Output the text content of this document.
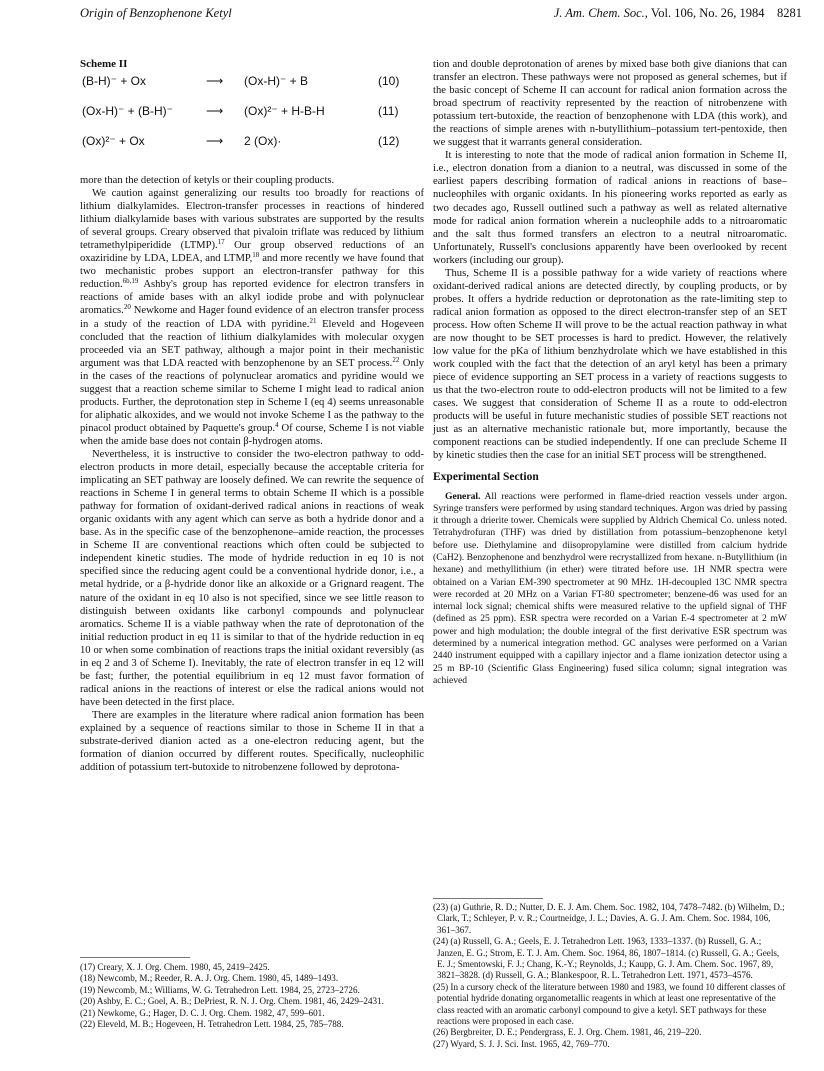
Origin of Benzophenone Ketyl	J. Am. Chem. Soc., Vol. 106, No. 26, 1984 8281
Scheme II
(B-H)⁻ + Ox	⟶ (Ox-H)⁻ + B	(10)
(Ox-H)⁻ + (B-H)⁻	⟶ (Ox)²⁻ + H-B-H	(11)
(Ox)²⁻ + Ox	⟶ 2 (Ox)·	(12)

more than the detection of ketyls or their coupling products.

We caution against generalizing our results too broadly for reactions of lithium dialkylamides. Electron-transfer processes in reactions of hindered lithium dialkylamide bases with various substrates are supported by the results of several groups. Creary observed that pivaloin triflate was reduced by lithium tetramethylpiperidide (LTMP).$^{17}$ Our group observed reductions of an oxaziridine by LDA, LDEA, and LTMP,$^{18}$ and more recently we have found that two mechanistic probes support an electron-transfer pathway for this reduction.$^{6b,19}$ Ashby's group has reported evidence for electron transfers in reactions of amide bases with an alkyl iodide probe and with polynuclear aromatics.$^{20}$ Newkome and Hager found evidence of an electron transfer process in a study of the reaction of LDA with pyridine.$^{21}$ Eleveld and Hogeveen concluded that the reaction of lithium dialkylamides with molecular oxygen proceeded via an SET pathway, although a major point in their mechanistic argument was that LDA reacted with benzophenone by an SET process.$^{22}$ Only in the cases of the reactions of polynuclear aromatics and pyridine would we suggest that a reaction scheme similar to Scheme I might lead to radical anion products. Further, the deprotonation step in Scheme I (eq 4) seems unreasonable for aliphatic alkoxides, and we would not invoke Scheme I as the pathway to the pinacol product obtained by Paquette's group.$^4$ Of course, Scheme I is not viable when the amide base does not contain β-hydrogen atoms.

Nevertheless, it is instructive to consider the two-electron pathway to odd-electron products in more detail, especially because the acceptable criteria for implicating an SET pathway are loosely defined. We can rewrite the sequence of reactions in Scheme I in general terms to obtain Scheme II which is a possible pathway for formation of oxidant-derived radical anions in reactions of weak organic oxidants with any agent which can serve as both a hydride donor and a base. As in the specific case of the benzophenone–amide reaction, the processes in Scheme II are conventional reactions which often could be subjected to independent kinetic studies. The mode of hydride reduction in eq 10 is not specified since the reducing agent could be a conventional hydride donor, i.e., a metal hydride, or a β-hydride donor like an alkoxide or a Grignard reagent. The nature of the oxidant in eq 10 also is not specified, since we see little reason to distinguish between oxidants like carbonyl compounds and polynuclear aromatics. Scheme II is a viable pathway when the rate of deprotonation of the initial reduction product in eq 11 is similar to that of the hydride reduction in eq 10 or when some combination of reactions traps the initial oxidant reversibly (as in eq 2 and 3 of Scheme I). Inevitably, the rate of electron transfer in eq 12 will be fast; further, the potential equilibrium in eq 12 must favor formation of radical anions in the reactions of interest or else the radical anions would not have been detected in the first place.

There are examples in the literature where radical anion formation has been explained by a sequence of reactions similar to those in Scheme II in that a substrate-derived dianion acted as a one-electron reducing agent, but the formation of dianion occurred by different routes. Specifically, nucleophilic addition of potassium tert-butoxide to nitrobenzene followed by deprotona-

tion and double deprotonation of arenes by mixed base both give dianions that can transfer an electron. These pathways were not proposed as general schemes, but if the basic concept of Scheme II can account for radical anion formation across the broad spectrum of reactivity represented by the reaction of nitrobenzene with potassium tert-butoxide, the reaction of benzophenone with LDA (this work), and the reactions of simple arenes with n-butyllithium–potassium tert-pentoxide, then we suggest that it warrants general consideration.

It is interesting to note that the mode of radical anion formation in Scheme II, i.e., electron donation from a dianion to a neutral, was discussed in some of the earliest papers describing formation of radical anions in reactions of base–nucleophiles with organic oxidants. In his pioneering works reported as early as two decades ago, Russell outlined such a pathway as well as related alternative mode for radical anion formation wherein a nucleophile adds to a nitroaromatic and the salt thus formed transfers an electron to a neutral nitroaromatic. Unfortunately, Russell's conclusions apparently have been overlooked by recent workers (including our group).

Thus, Scheme II is a possible pathway for a wide variety of reactions where oxidant-derived radical anions are detected directly, by coupling products, or by probes. It offers a hydride reduction or deprotonation as the rate-limiting step to radical anion formation as opposed to the direct electron-transfer step of an SET process. How often Scheme II will prove to be the actual reaction pathway in what are now thought to be SET processes is hard to predict. However, the relatively low value for the pKa of lithium benzhydrolate which we have established in this work coupled with the fact that the detection of an aryl ketyl has been a primary piece of evidence supporting an SET process in a variety of reactions suggests to us that the two-electron route to odd-electron products will not be limited to a few cases. We suggest that consideration of Scheme II as a route to odd-electron products will be useful in future mechanistic studies of possible SET reactions not just as an alternative mechanistic rationale but, more importantly, because the component reactions can be studied independently. If one can preclude Scheme II by kinetic studies then the case for an initial SET process will be strengthened.

Experimental Section

General. All reactions were performed in flame-dried reaction vessels under argon. Syringe transfers were performed by using standard techniques. Argon was dried by passing it through a drierite tower. Chemicals were supplied by Aldrich Chemical Co. unless noted. Tetrahydrofuran (THF) was dried by distillation from potassium–benzophenone ketyl before use. Diethylamine and diisopropylamine were distilled from calcium hydride (CaH2). Benzophenone and benzhydrol were recrystallized from hexane. n-Butyllithium (in hexane) and methyllithium (in ether) were titrated before use. 1H NMR spectra were obtained on a Varian EM-390 spectrometer at 90 MHz. 1H-decoupled 13C NMR spectra were recorded at 20 MHz on a Varian FT-80 spectrometer; benzene-d6 was used for an internal lock signal; chemical shifts were measured relative to the upfield signal of THF (defined as 25 ppm). ESR spectra were recorded on a Varian E-4 spectrometer at 2 mW power and high modulation; the double integral of the first derivative ESR spectrum was determined by a numerical integration method. GC analyses were performed on a Varian 2440 instrument equipped with a capillary injector and a flame ionization detector using a 25 m BP-10 (Scientific Glass Engineering) fused silica column; signal integration was achieved

(17) Creary, X. J. Org. Chem. 1980, 45, 2419–2425.
(18) Newcomb, M.; Reeder, R. A. J. Org. Chem. 1980, 45, 1489–1493.
(19) Newcomb, M.; Williams, W. G. Tetrahedron Lett. 1984, 25, 2723–2726.
(20) Ashby, E. C.; Goel, A. B.; DePriest, R. N. J. Org. Chem. 1981, 46, 2429–2431.
(21) Newkome, G.; Hager, D. C. J. Org. Chem. 1982, 47, 599–601.
(22) Eleveld, M. B.; Hogeveen, H. Tetrahedron Lett. 1984, 25, 785–788.
(23) (a) Guthrie, R. D.; Nutter, D. E. J. Am. Chem. Soc. 1982, 104, 7478–7482. (b) Wilhelm, D.; Clark, T.; Schleyer, P. v. R.; Courtneidge, J. L.; Davies, A. G. J. Am. Chem. Soc. 1984, 106, 361–367.
(24) (a) Russell, G. A.; Geels, E. J. Tetrahedron Lett. 1963, 1333–1337. (b) Russell, G. A.; Janzen, E. G.; Strom, E. T. J. Am. Chem. Soc. 1964, 86, 1807–1814. (c) Russell, G. A.; Geels, E. J.; Smentowski, F. J.; Chang, K.-Y.; Reynolds, J.; Kaupp, G. J. Am. Chem. Soc. 1967, 89, 3821–3828. (d) Russell, G. A.; Blankespoor, R. L. Tetrahedron Lett. 1971, 4573–4576.
(25) In a cursory check of the literature between 1980 and 1983, we found 10 different classes of potential hydride donating organometallic reagents in which at least one representative of the class reacted with an aromatic carbonyl compound to give a ketyl. SET pathways for these reactions were proposed in each case.
(26) Bergbreiter, D. E.; Pendergrass, E. J. Org. Chem. 1981, 46, 219–220.
(27) Wyard, S. J. J. Sci. Inst. 1965, 42, 769–770.
